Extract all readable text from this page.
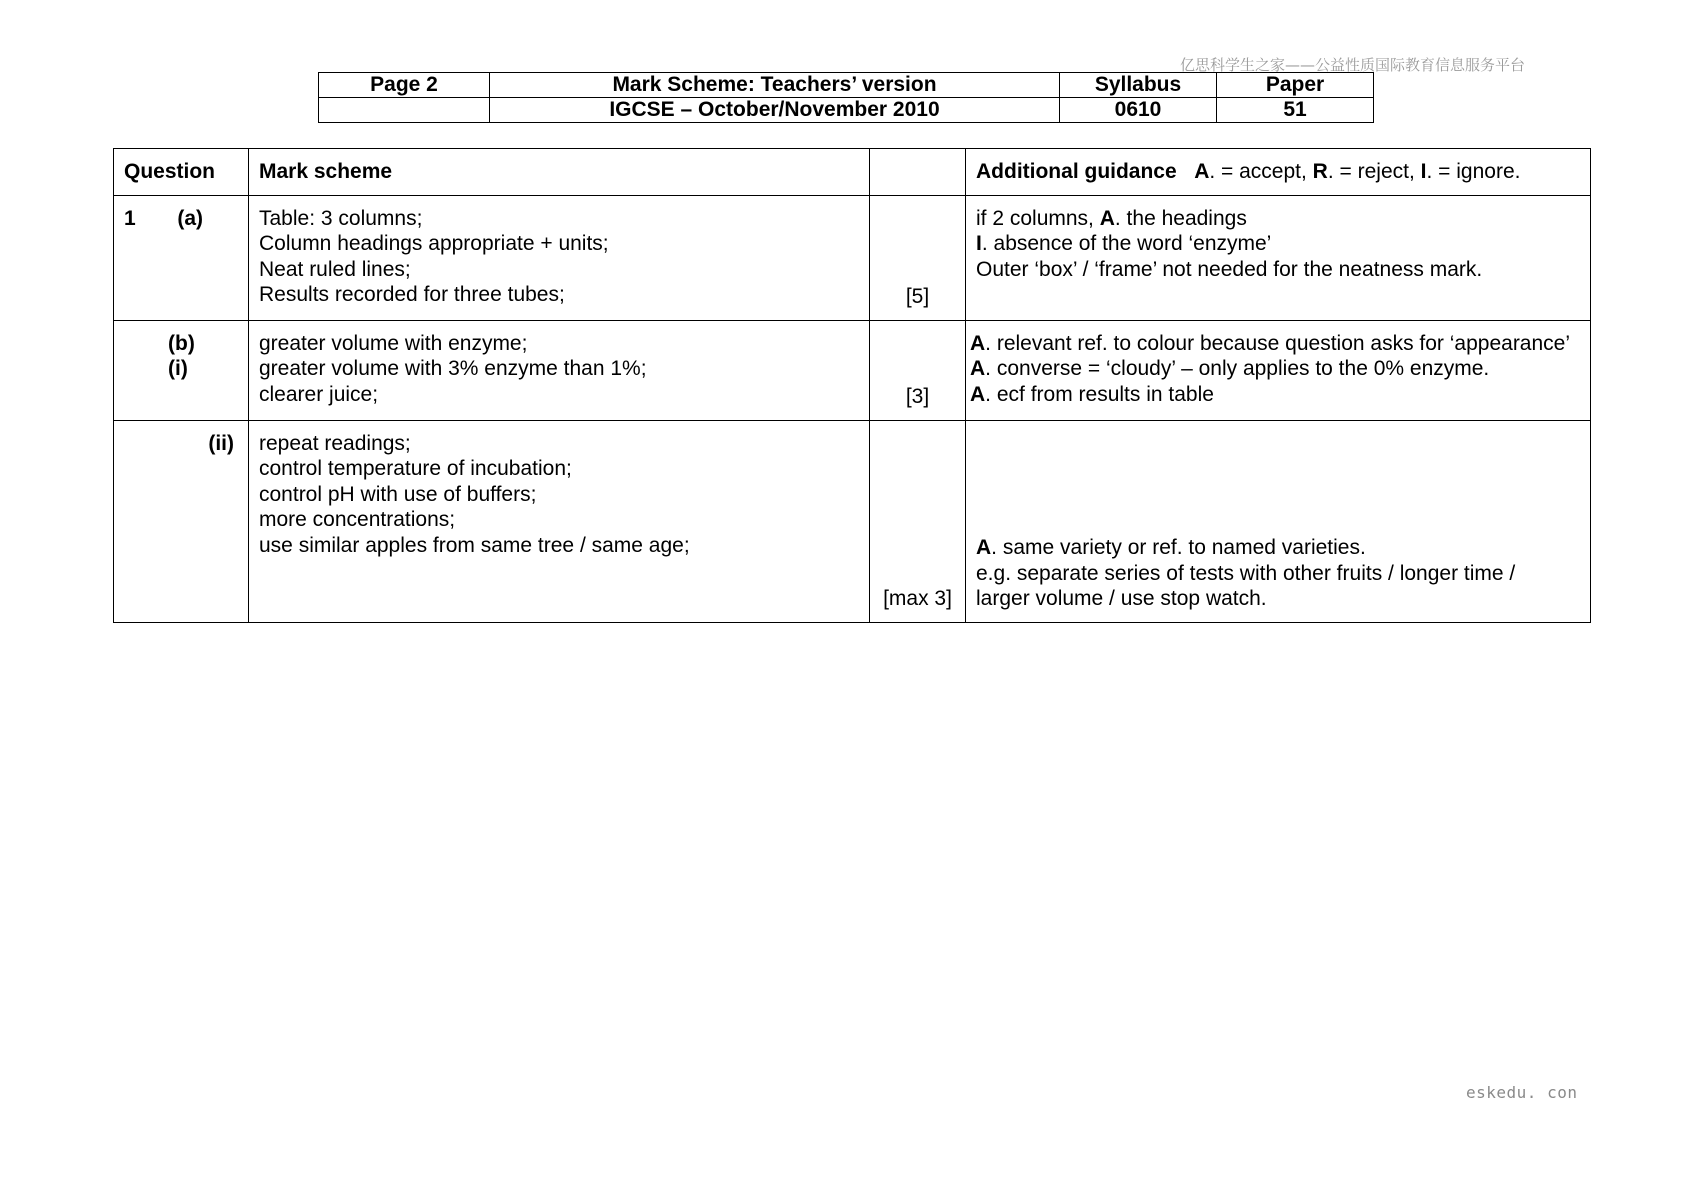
亿思科学生之家——公益性质国际教育信息服务平台
Page 2	Mark Scheme: Teachers’ version	Syllabus	Paper
	IGCSE – October/November 2010	0610	51
Question	Mark scheme		Additional guidance A. = accept, R. = reject, I. = ignore.

1 (a)	Table: 3 columns;
Column headings appropriate + units;
Neat ruled lines;
Results recorded for three tubes;	[5]	if 2 columns, A. the headings
I. absence of the word ‘enzyme’
Outer ‘box’ / ‘frame’ not needed for the neatness mark.

(b)  (i)	greater volume with enzyme;
greater volume with 3% enzyme than 1%;
clearer juice;	[3]	A. relevant ref. to colour because question asks for ‘appearance’
A. converse = ‘cloudy’ – only applies to the 0% enzyme.
A. ecf from results in table

(ii)	repeat readings;
control temperature of incubation;
control pH with use of buffers;
more concentrations;
use similar apples from same tree / same age;	[max 3]	A. same variety or ref. to named varieties.
e.g. separate series of tests with other fruits / longer time /
larger volume / use stop watch.
eskedu. con
